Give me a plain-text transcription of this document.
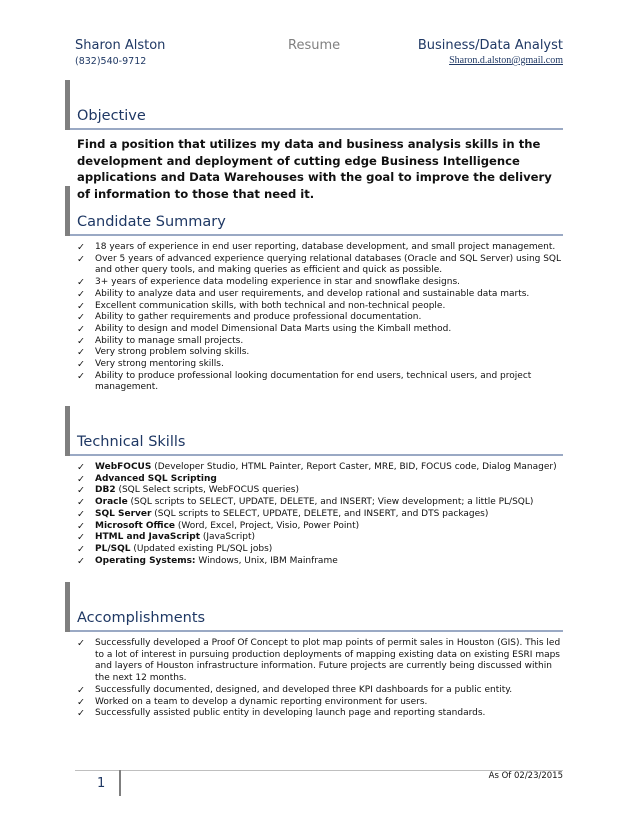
Sharon Alston	Resume	Business/Data Analyst
(832)540-9712	Sharon.d.alston@gmail.com
Objective
Find a position that utilizes my data and business analysis skills in the development and deployment of cutting edge Business Intelligence applications and Data Warehouses with the goal to improve the delivery of information to those that need it.
Candidate Summary
✓ 18 years of experience in end user reporting, database development, and small project management.
✓ Over 5 years of advanced experience querying relational databases (Oracle and SQL Server) using SQL and other query tools, and making queries as efficient and quick as possible.
✓ 3+ years of experience data modeling experience in star and snowflake designs.
✓ Ability to analyze data and user requirements, and develop rational and sustainable data marts.
✓ Excellent communication skills, with both technical and non-technical people.
✓ Ability to gather requirements and produce professional documentation.
✓ Ability to design and model Dimensional Data Marts using the Kimball method.
✓ Ability to manage small projects.
✓ Very strong problem solving skills.
✓ Very strong mentoring skills.
✓ Ability to produce professional looking documentation for end users, technical users, and project management.
Technical Skills
✓ WebFOCUS (Developer Studio, HTML Painter, Report Caster, MRE, BID, FOCUS code, Dialog Manager)
✓ Advanced SQL Scripting
✓ DB2 (SQL Select scripts, WebFOCUS queries)
✓ Oracle (SQL scripts to SELECT, UPDATE, DELETE, and INSERT; View development; a little PL/SQL)
✓ SQL Server (SQL scripts to SELECT, UPDATE, DELETE, and INSERT, and DTS packages)
✓ Microsoft Office (Word, Excel, Project, Visio, Power Point)
✓ HTML and JavaScript (JavaScript)
✓ PL/SQL (Updated existing PL/SQL jobs)
✓ Operating Systems: Windows, Unix, IBM Mainframe
Accomplishments
✓ Successfully developed a Proof Of Concept to plot map points of permit sales in Houston (GIS). This led to a lot of interest in pursuing production deployments of mapping existing data on existing ESRI maps and layers of Houston infrastructure information. Future projects are currently being discussed within the next 12 months.
✓ Successfully documented, designed, and developed three KPI dashboards for a public entity.
✓ Worked on a team to develop a dynamic reporting environment for users.
✓ Successfully assisted public entity in developing launch page and reporting standards.
1	As Of 02/23/2015
